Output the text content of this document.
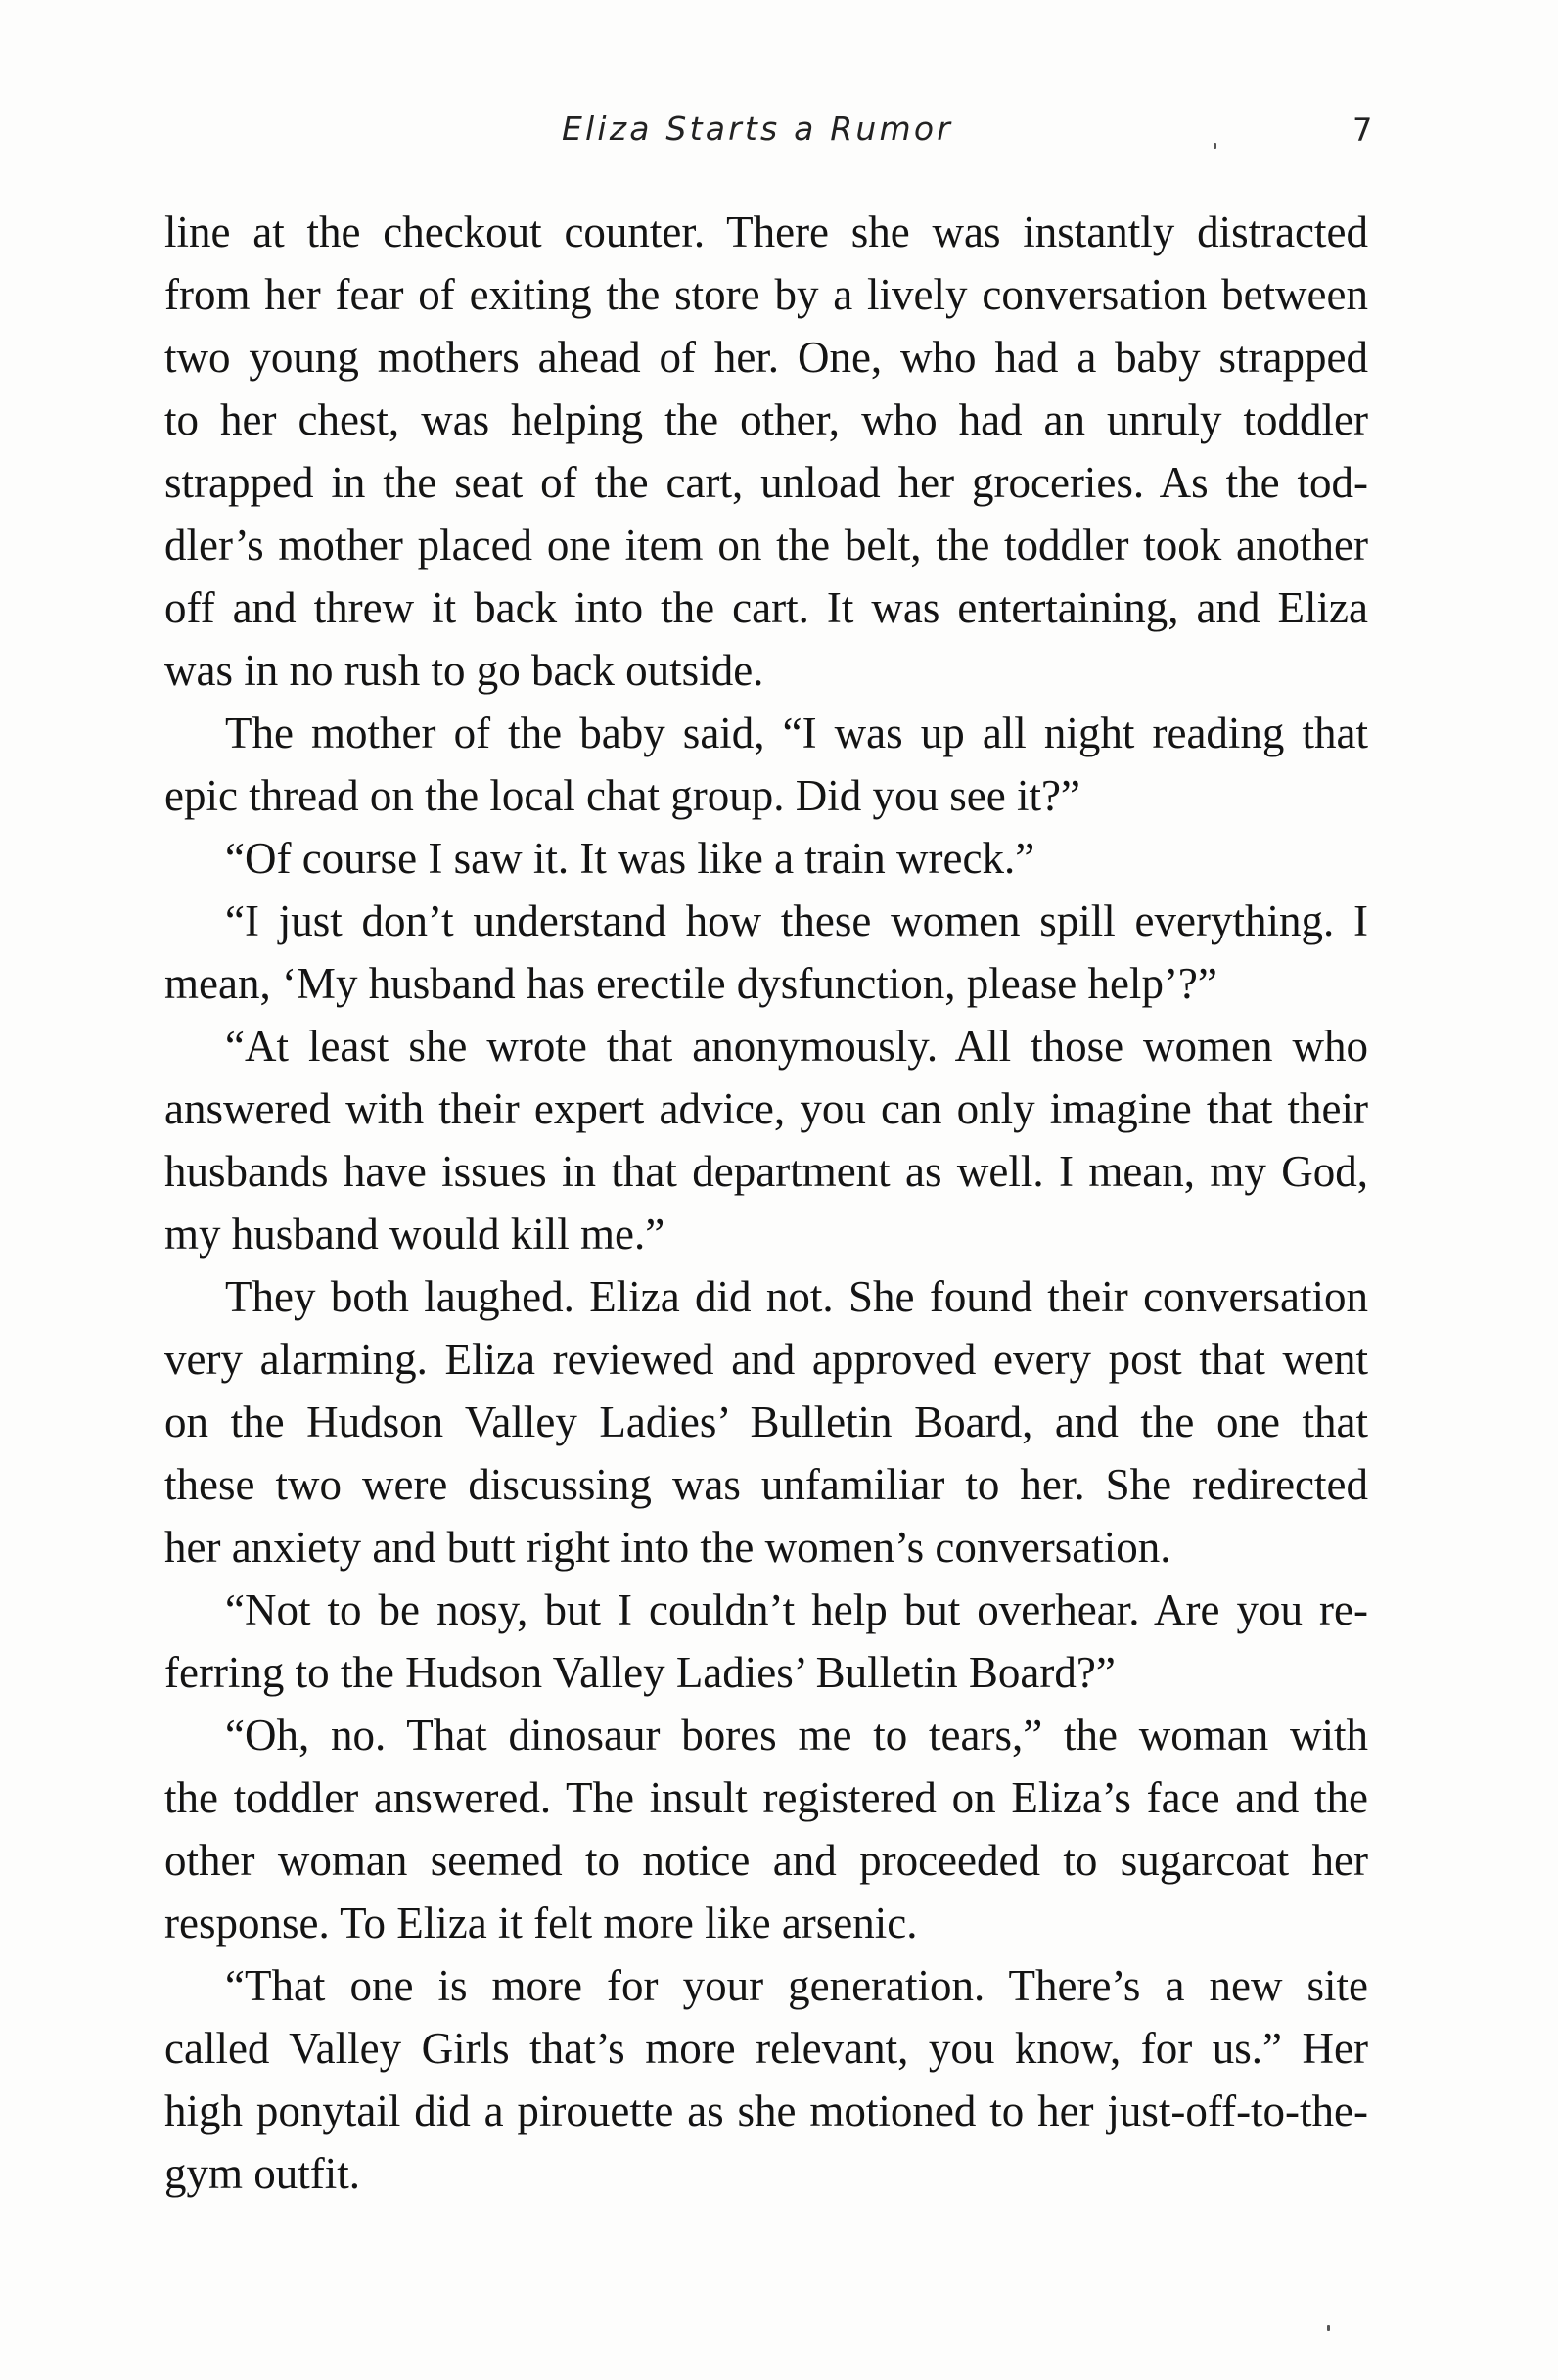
Eliza Starts a Rumor	7
line at the checkout counter. There she was instantly distracted
from her fear of exiting the store by a lively conversation between
two young mothers ahead of her. One, who had a baby strapped
to her chest, was helping the other, who had an unruly toddler
strapped in the seat of the cart, unload her groceries. As the tod-
dler’s mother placed one item on the belt, the toddler took another
off and threw it back into the cart. It was entertaining, and Eliza
was in no rush to go back outside.
The mother of the baby said, “I was up all night reading that
epic thread on the local chat group. Did you see it?”
“Of course I saw it. It was like a train wreck.”
“I just don’t understand how these women spill everything. I
mean, ‘My husband has erectile dysfunction, please help’?”
“At least she wrote that anonymously. All those women who
answered with their expert advice, you can only imagine that their
husbands have issues in that department as well. I mean, my God,
my husband would kill me.”
They both laughed. Eliza did not. She found their conversation
very alarming. Eliza reviewed and approved every post that went
on the Hudson Valley Ladies’ Bulletin Board, and the one that
these two were discussing was unfamiliar to her. She redirected
her anxiety and butt right into the women’s conversation.
“Not to be nosy, but I couldn’t help but overhear. Are you re-
ferring to the Hudson Valley Ladies’ Bulletin Board?”
“Oh, no. That dinosaur bores me to tears,” the woman with
the toddler answered. The insult registered on Eliza’s face and the
other woman seemed to notice and proceeded to sugarcoat her
response. To Eliza it felt more like arsenic.
“That one is more for your generation. There’s a new site
called Valley Girls that’s more relevant, you know, for us.” Her
high ponytail did a pirouette as she motioned to her just-off-to-the-
gym outfit.
